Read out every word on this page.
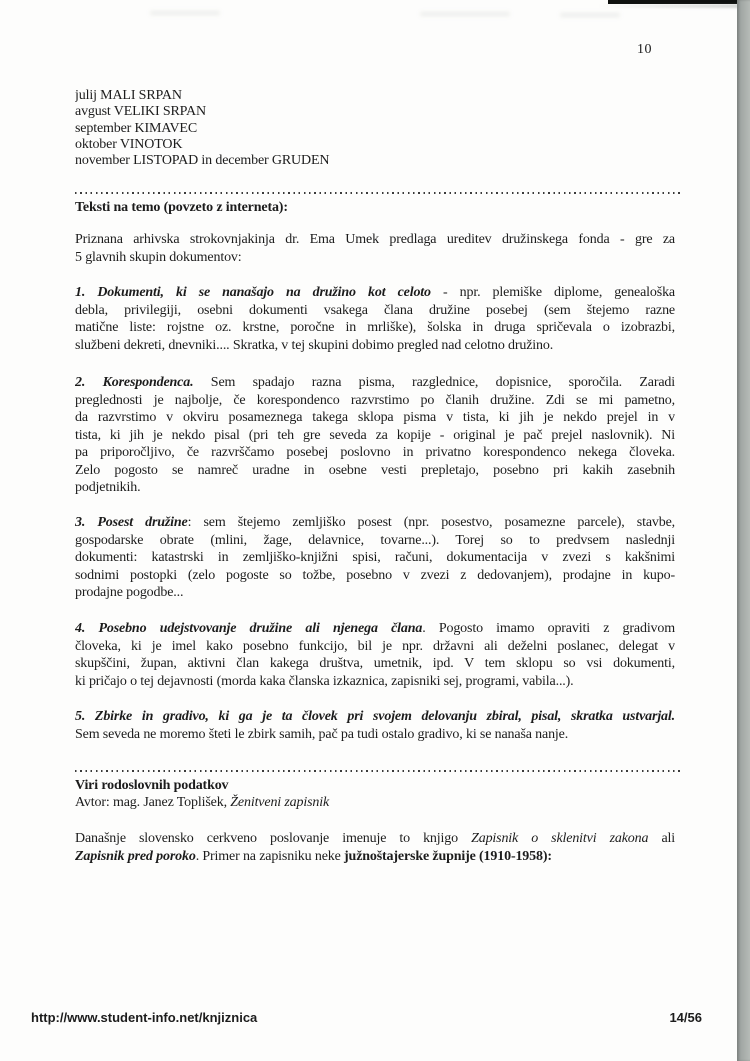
10
julij MALI SRPAN
avgust VELIKI SRPAN
september KIMAVEC
oktober VINOTOK
november LISTOPAD in december GRUDEN
Teksti na temo (povzeto z interneta):
Priznana arhivska strokovnjakinja dr. Ema Umek predlaga ureditev družinskega fonda - gre za
5 glavnih skupin dokumentov:
1. Dokumenti, ki se nanašajo na družino kot celoto - npr. plemiške diplome, genealoška
debla, privilegiji, osebni dokumenti vsakega člana družine posebej (sem štejemo razne
matične liste: rojstne oz. krstne, poročne in mrliške), šolska in druga spričevala o izobrazbi,
službeni dekreti, dnevniki.... Skratka, v tej skupini dobimo pregled nad celotno družino.
2. Korespondenca. Sem spadajo razna pisma, razglednice, dopisnice, sporočila. Zaradi
preglednosti je najbolje, če korespondenco razvrstimo po članih družine. Zdi se mi pametno,
da razvrstimo v okviru posameznega takega sklopa pisma v tista, ki jih je nekdo prejel in v
tista, ki jih je nekdo pisal (pri teh gre seveda za kopije - original je pač prejel naslovnik). Ni
pa priporočljivo, če razvrščamo posebej poslovno in privatno korespondenco nekega človeka.
Zelo pogosto se namreč uradne in osebne vesti prepletajo, posebno pri kakih zasebnih
podjetnikih.
3. Posest družine: sem štejemo zemljiško posest (npr. posestvo, posamezne parcele), stavbe,
gospodarske obrate (mlini, žage, delavnice, tovarne...). Torej so to predvsem naslednji
dokumenti: katastrski in zemljiško-knjižni spisi, računi, dokumentacija v zvezi s kakšnimi
sodnimi postopki (zelo pogoste so tožbe, posebno v zvezi z dedovanjem), prodajne in kupo-
prodajne pogodbe...
4. Posebno udejstvovanje družine ali njenega člana. Pogosto imamo opraviti z gradivom
človeka, ki je imel kako posebno funkcijo, bil je npr. državni ali deželni poslanec, delegat v
skupščini, župan, aktivni član kakega društva, umetnik, ipd. V tem sklopu so vsi dokumenti,
ki pričajo o tej dejavnosti (morda kaka članska izkaznica, zapisniki sej, programi, vabila...).
5. Zbirke in gradivo, ki ga je ta človek pri svojem delovanju zbiral, pisal, skratka ustvarjal.
Sem seveda ne moremo šteti le zbirk samih, pač pa tudi ostalo gradivo, ki se nanaša nanje.
Viri rodoslovnih podatkov
Avtor: mag. Janez Toplišek, Ženitveni zapisnik
Današnje slovensko cerkveno poslovanje imenuje to knjigo Zapisnik o sklenitvi zakona ali
Zapisnik pred poroko. Primer na zapisniku neke južnoštajerske župnije (1910-1958):
http://www.student-info.net/knjiznica	14/56
